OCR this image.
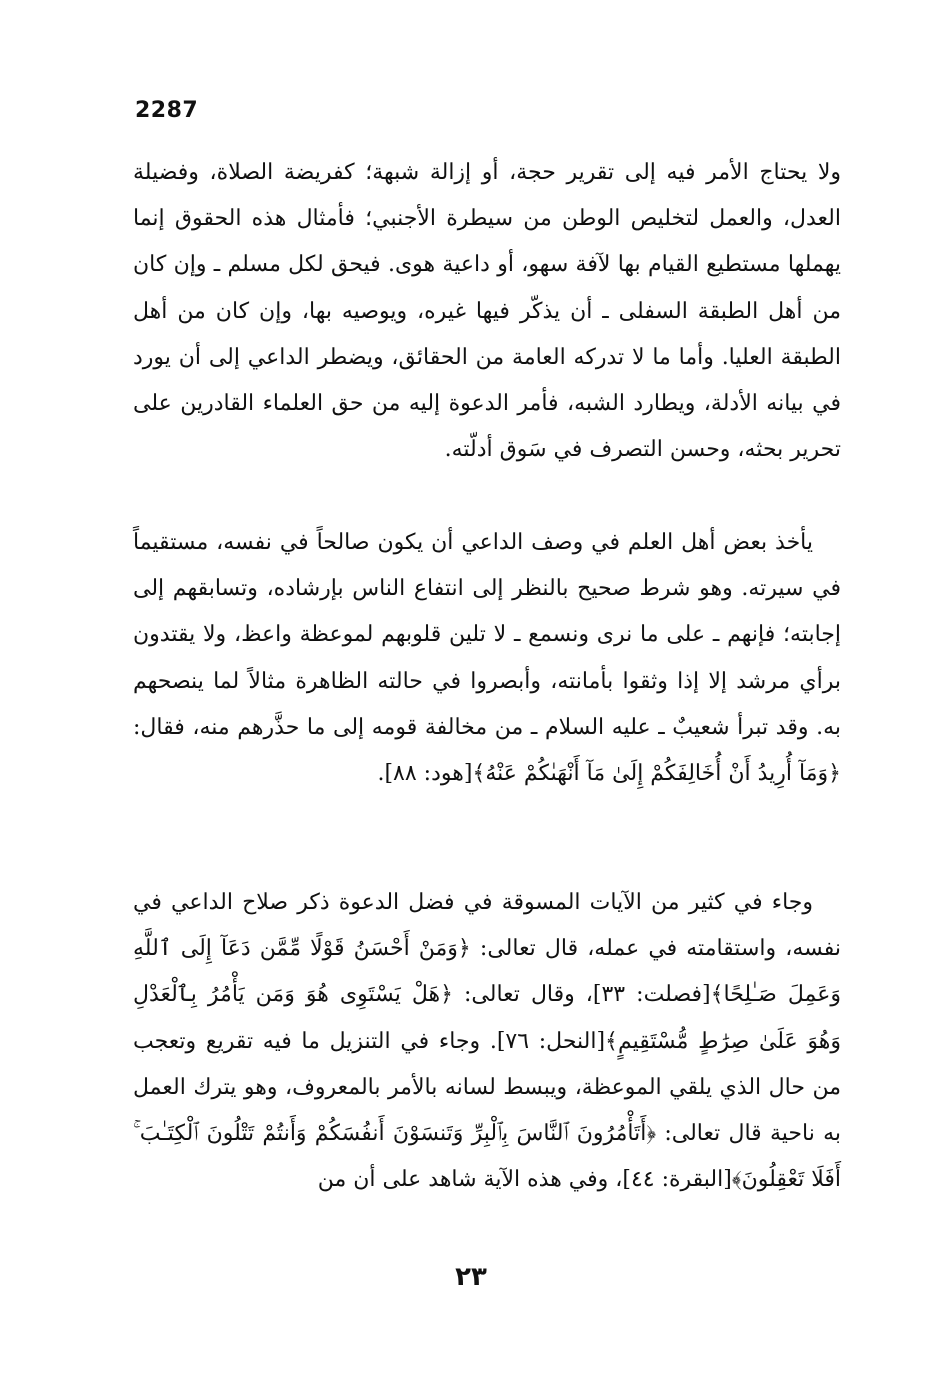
2287

ولا يحتاج الأمر فيه إلى تقرير حجة، أو إزالة شبهة؛ كفريضة الصلاة، وفضيلة العدل، والعمل لتخليص الوطن من سيطرة الأجنبي؛ فأمثال هذه الحقوق إنما يهملها مستطيع القيام بها لآفة سهو، أو داعية هوى. فيحق لكل مسلم ـ وإن كان من أهل الطبقة السفلى ـ أن يذكّر فيها غيره، ويوصيه بها، وإن كان من أهل الطبقة العليا. وأما ما لا تدركه العامة من الحقائق، ويضطر الداعي إلى أن يورد في بيانه الأدلة، ويطارد الشبه، فأمر الدعوة إليه من حق العلماء القادرين على تحرير بحثه، وحسن التصرف في سَوق أدلّته.

يأخذ بعض أهل العلم في وصف الداعي أن يكون صالحاً في نفسه، مستقيماً في سيرته. وهو شرط صحيح بالنظر إلى انتفاع الناس بإرشاده، وتسابقهم إلى إجابته؛ فإنهم ـ على ما نرى ونسمع ـ لا تلين قلوبهم لموعظة واعظ، ولا يقتدون برأي مرشد إلا إذا وثقوا بأمانته، وأبصروا في حالته الظاهرة مثالاً لما ينصحهم به. وقد تبرأ شعيبٌ ـ عليه السلام ـ من مخالفة قومه إلى ما حذَّرهم منه، فقال: ﴿وَمَآ أُرِيدُ أَنْ أُخَالِفَكُمْ إِلَىٰ مَآ أَنْهَىٰكُمْ عَنْهُ﴾[هود: ٨٨].

وجاء في كثير من الآيات المسوقة في فضل الدعوة ذكر صلاح الداعي في نفسه، واستقامته في عمله، قال تعالى: ﴿وَمَنْ أَحْسَنُ قَوْلًا مِّمَّن دَعَآ إِلَى ٱللَّهِ وَعَمِلَ صَـٰلِحًا﴾[فصلت: ٣٣]، وقال تعالى: ﴿هَلْ يَسْتَوِى هُوَ وَمَن يَأْمُرُ بِٱلْعَدْلِ وَهُوَ عَلَىٰ صِرَٰطٍ مُّسْتَقِيمٍ﴾[النحل: ٧٦]. وجاء في التنزيل ما فيه تقريع وتعجب من حال الذي يلقي الموعظة، ويبسط لسانه بالأمر بالمعروف، وهو يترك العمل به ناحية قال تعالى: ﴿أَتَأْمُرُونَ ٱلنَّاسَ بِٱلْبِرِّ وَتَنسَوْنَ أَنفُسَكُمْ وَأَنتُمْ تَتْلُونَ ٱلْكِتَـٰبَ ۚ أَفَلَا تَعْقِلُونَ﴾[البقرة: ٤٤]، وفي هذه الآية شاهد على أن من

٢٣
